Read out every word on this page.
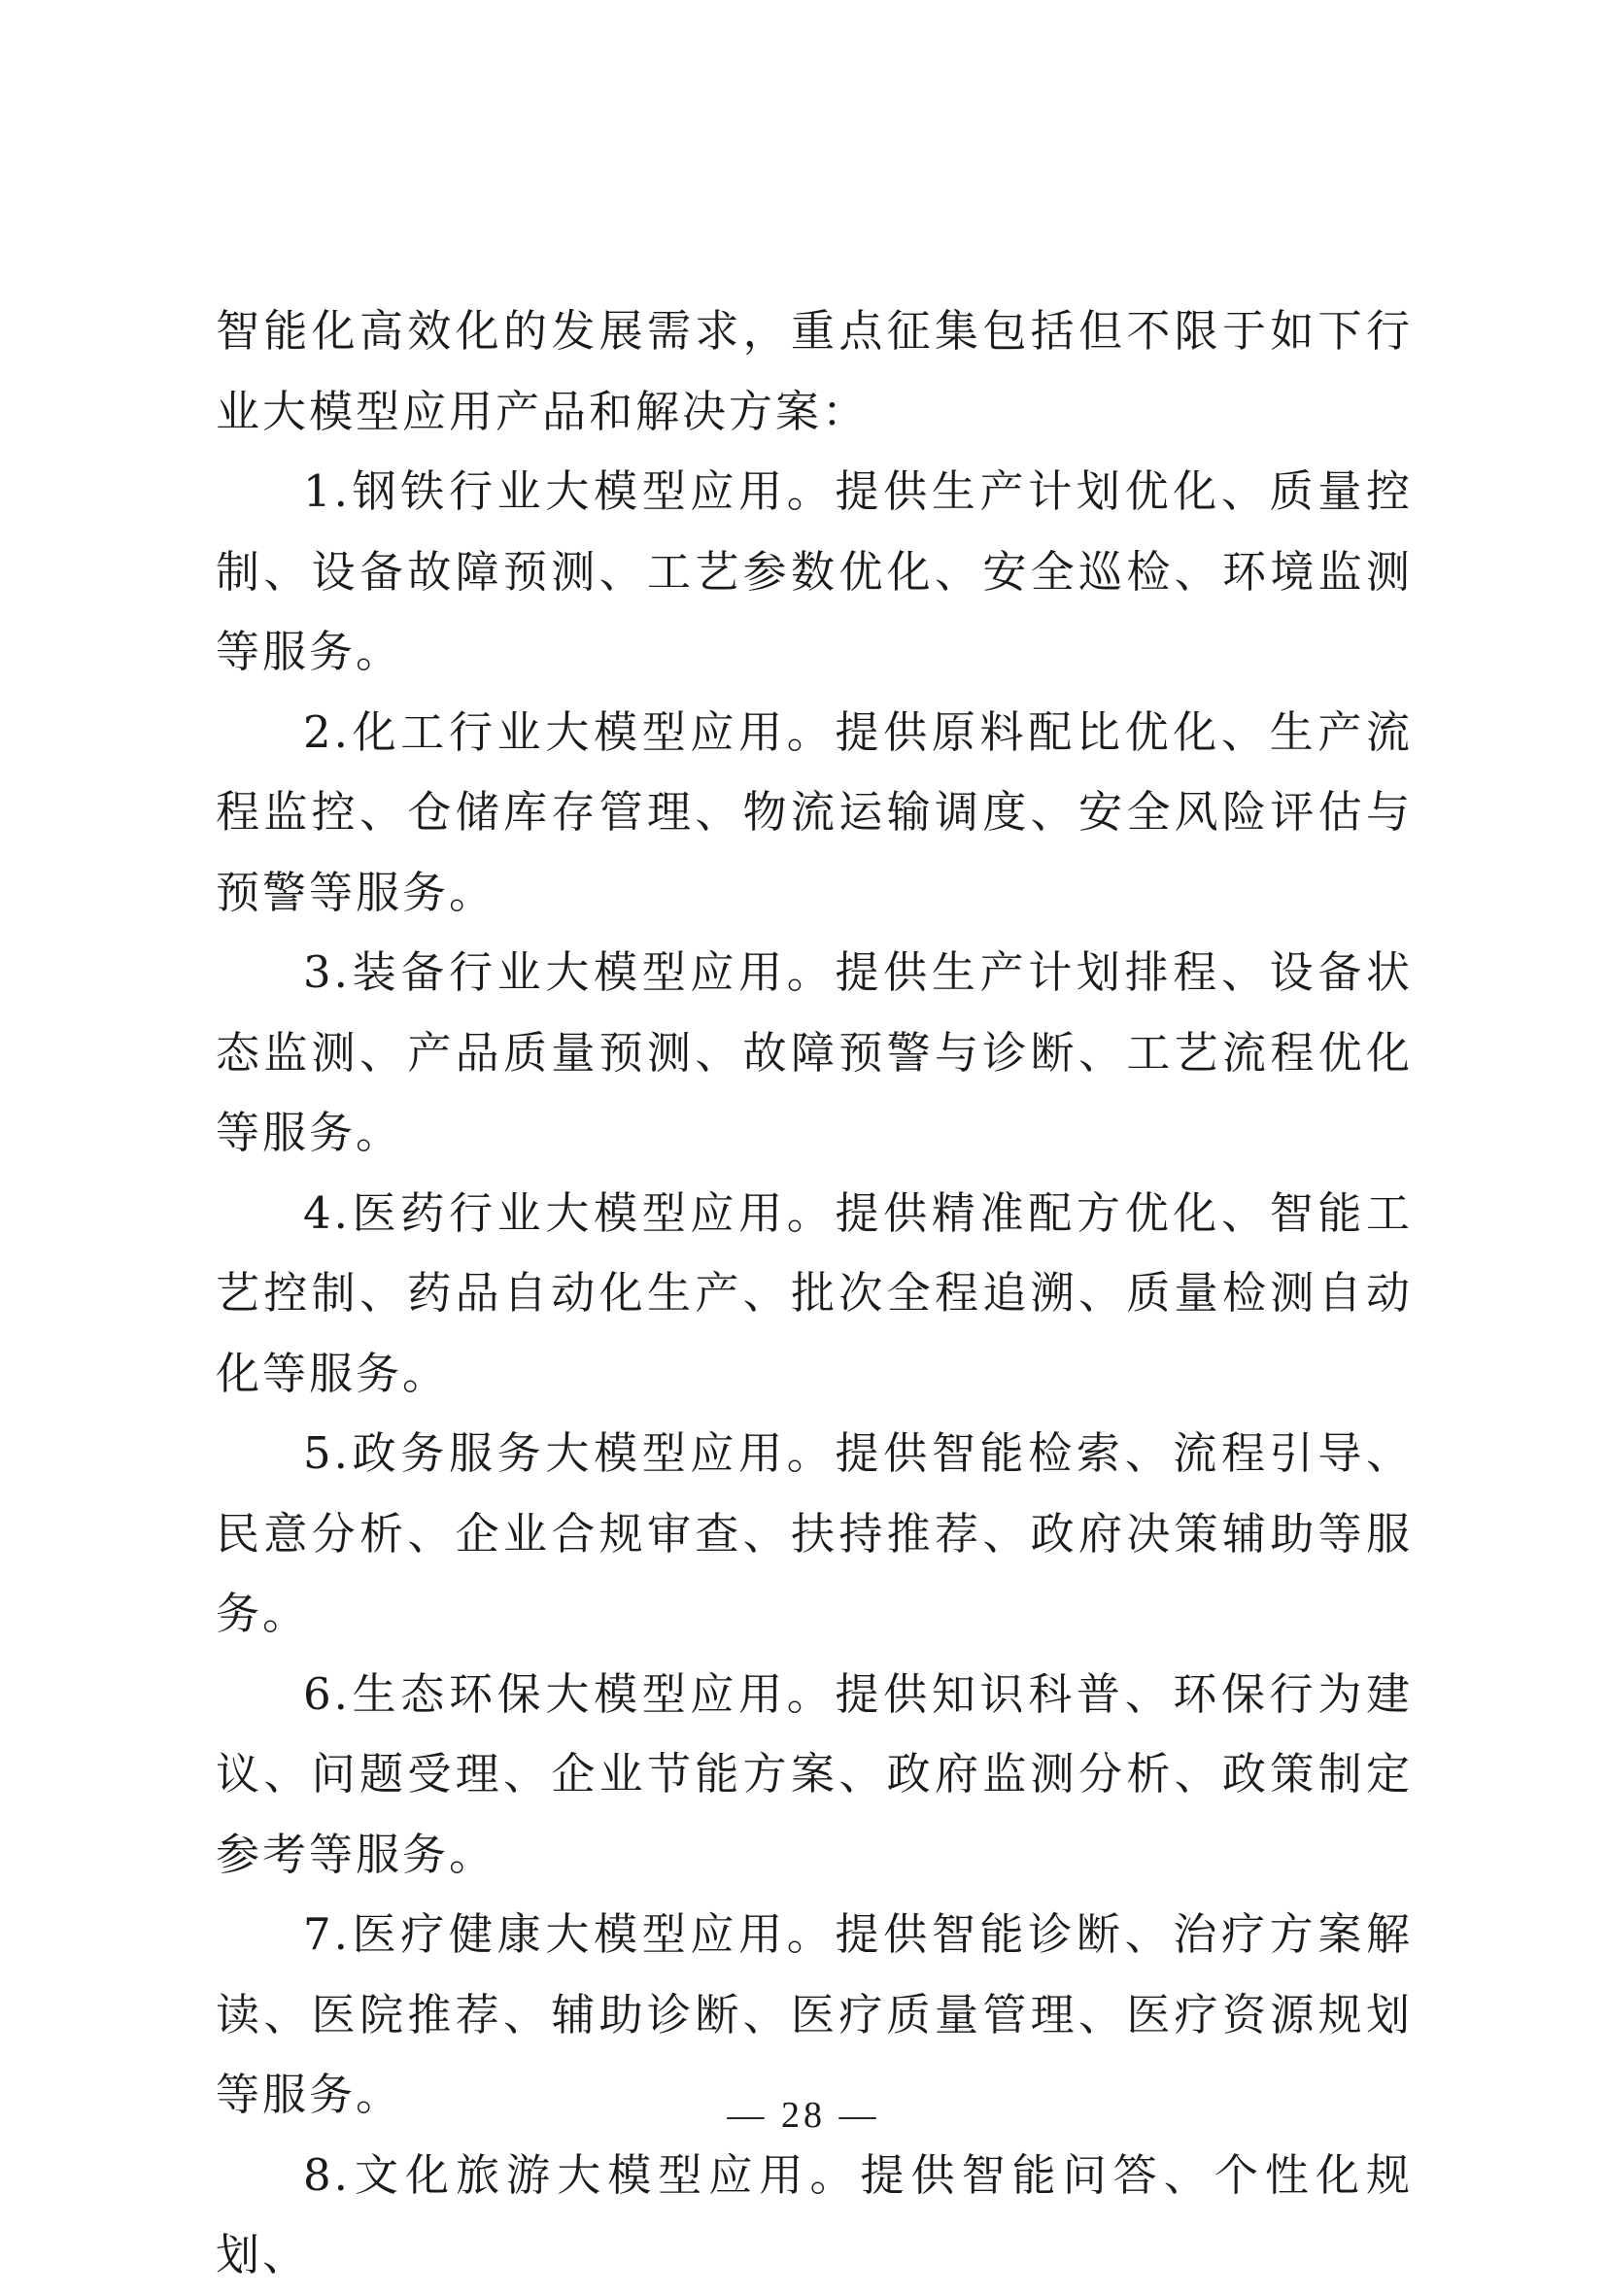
智能化高效化的发展需求，重点征集包括但不限于如下行业大模型应用产品和解决方案：

1.钢铁行业大模型应用。提供生产计划优化、质量控制、设备故障预测、工艺参数优化、安全巡检、环境监测等服务。

2.化工行业大模型应用。提供原料配比优化、生产流程监控、仓储库存管理、物流运输调度、安全风险评估与预警等服务。

3.装备行业大模型应用。提供生产计划排程、设备状态监测、产品质量预测、故障预警与诊断、工艺流程优化等服务。

4.医药行业大模型应用。提供精准配方优化、智能工艺控制、药品自动化生产、批次全程追溯、质量检测自动化等服务。

5.政务服务大模型应用。提供智能检索、流程引导、民意分析、企业合规审查、扶持推荐、政府决策辅助等服务。

6.生态环保大模型应用。提供知识科普、环保行为建议、问题受理、企业节能方案、政府监测分析、政策制定参考等服务。

7.医疗健康大模型应用。提供智能诊断、治疗方案解读、医院推荐、辅助诊断、医疗质量管理、医疗资源规划等服务。

8.文化旅游大模型应用。提供智能问答、个性化规划、

— 28 —
